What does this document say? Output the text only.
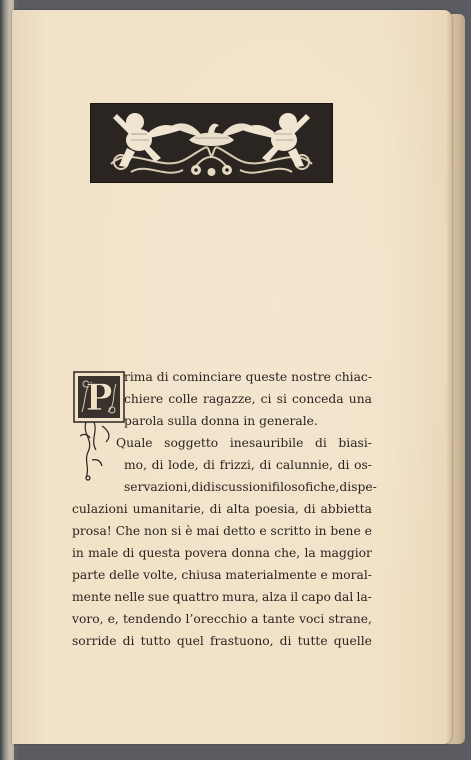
P rima di cominciare queste nostre chiac-
chiere colle ragazze, ci si conceda una
parola sulla donna in generale.
Quale soggetto inesauribile di biasi-
mo, di lode, di frizzi, di calunnie, di os-
servazioni, di discussioni filosofiche, di spe-
culazioni umanitarie, di alta poesia, di abbietta
prosa! Che non si è mai detto e scritto in bene e
in male di questa povera donna che, la maggior
parte delle volte, chiusa materialmente e moral-
mente nelle sue quattro mura, alza il capo dal la-
voro, e, tendendo l’orecchio a tante voci strane,
sorride di tutto quel frastuono, di tutte quelle
